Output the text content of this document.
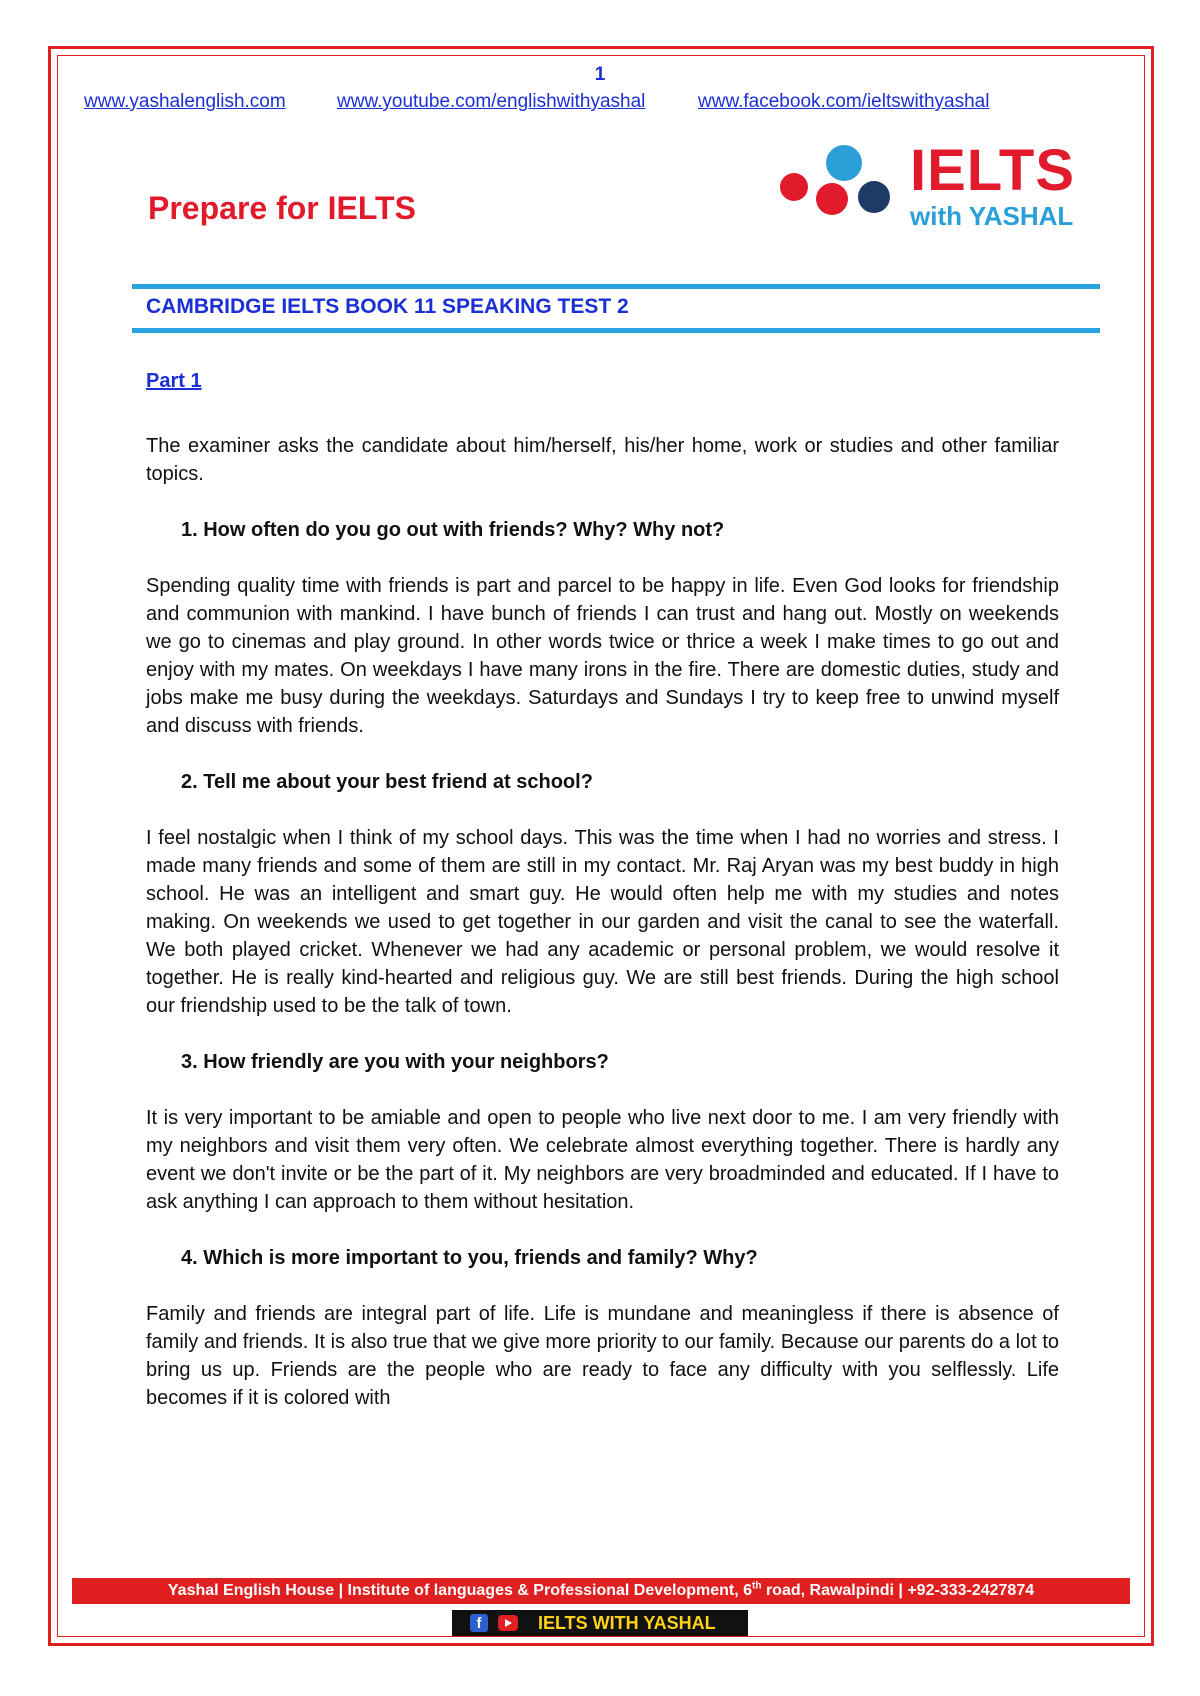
1
www.yashalenglish.com	www.youtube.com/englishwithyashal	www.facebook.com/ieltswithyashal
Prepare for IELTS
IELTS
with YASHAL
CAMBRIDGE IELTS BOOK 11 SPEAKING TEST 2
Part 1

The examiner asks the candidate about him/herself, his/her home, work or studies and other familiar topics.

1. How often do you go out with friends? Why? Why not?

Spending quality time with friends is part and parcel to be happy in life. Even God looks for friendship and communion with mankind. I have bunch of friends I can trust and hang out. Mostly on weekends we go to cinemas and play ground. In other words twice or thrice a week I make times to go out and enjoy with my mates. On weekdays I have many irons in the fire. There are domestic duties, study and jobs make me busy during the weekdays. Saturdays and Sundays I try to keep free to unwind myself and discuss with friends.

2. Tell me about your best friend at school?

I feel nostalgic when I think of my school days. This was the time when I had no worries and stress. I made many friends and some of them are still in my contact. Mr. Raj Aryan was my best buddy in high school. He was an intelligent and smart guy. He would often help me with my studies and notes making. On weekends we used to get together in our garden and visit the canal to see the waterfall. We both played cricket. Whenever we had any academic or personal problem, we would resolve it together. He is really kind-hearted and religious guy. We are still best friends. During the high school our friendship used to be the talk of town.

3. How friendly are you with your neighbors?

It is very important to be amiable and open to people who live next door to me. I am very friendly with my neighbors and visit them very often. We celebrate almost everything together. There is hardly any event we don't invite or be the part of it. My neighbors are very broadminded and educated. If I have to ask anything I can approach to them without hesitation.

4. Which is more important to you, friends and family? Why?

Family and friends are integral part of life. Life is mundane and meaningless if there is absence of family and friends. It is also true that we give more priority to our family. Because our parents do a lot to bring us up. Friends are the people who are ready to face any difficulty with you selflessly. Life becomes if it is colored with

Yashal English House | Institute of languages & Professional Development, 6th road, Rawalpindi | +92-333-2427874
f	IELTS WITH YASHAL
